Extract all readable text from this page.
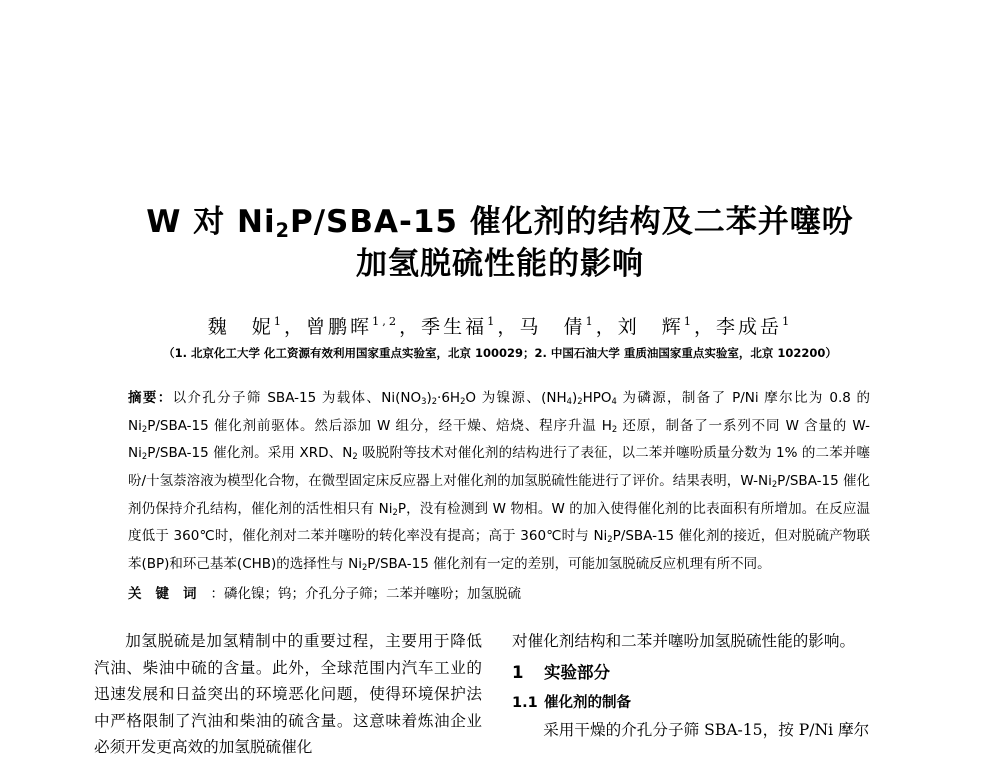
W 对 $Ni_2P/SBA-15$ 催化剂的结构及二苯并噻吩
加氢脱硫性能的影响
魏　妮$^1$，曾鹏晖$^{1,2}$，季生福$^1$，马　倩$^1$，刘　辉$^1$，李成岳$^1$
（1. 北京化工大学 化工资源有效利用国家重点实验室，北京 100029；2. 中国石油大学 重质油国家重点实验室，北京 102200）
摘要：以介孔分子筛 SBA-15 为载体、$Ni(NO_3)_2\cdot 6H_2O$ 为镍源、$(NH_4)_2HPO_4$ 为磷源，制备了 P/Ni 摩尔比为 0.8 的 $Ni_2P/SBA-15$ 催化剂前驱体。然后添加 W 组分，经干燥、焙烧、程序升温 $H_2$ 还原，制备了一系列不同 W 含量的 $W-Ni_2P/SBA-15$ 催化剂。采用 XRD、$N_2$ 吸脱附等技术对催化剂的结构进行了表征，以二苯并噻吩质量分数为 1% 的二苯并噻吩/十氢萘溶液为模型化合物，在微型固定床反应器上对催化剂的加氢脱硫性能进行了评价。结果表明，$W-Ni_2P/SBA-15$ 催化剂仍保持介孔结构，催化剂的活性相只有 $Ni_2P$，没有检测到 W 物相。W 的加入使得催化剂的比表面积有所增加。在反应温度低于 360℃时，催化剂对二苯并噻吩的转化率没有提高；高于 360℃时与 $Ni_2P/SBA-15$ 催化剂的接近，但对脱硫产物联苯(BP)和环己基苯(CHB)的选择性与 $Ni_2P/SBA-15$ 催化剂有一定的差别，可能加氢脱硫反应机理有所不同。
关键词：磷化镍；钨；介孔分子筛；二苯并噻吩；加氢脱硫
加氢脱硫是加氢精制中的重要过程，主要用于降低汽油、柴油中硫的含量。此外，全球范围内汽车工业的迅速发展和日益突出的环境恶化问题，使得环境保护法中严格限制了汽油和柴油的硫含量。这意味着炼油企业必须开发更高效的加氢脱硫催化
对催化剂结构和二苯并噻吩加氢脱硫性能的影响。
1 实验部分
1.1 催化剂的制备
采用干燥的介孔分子筛 SBA-15，按 P/Ni 摩尔
